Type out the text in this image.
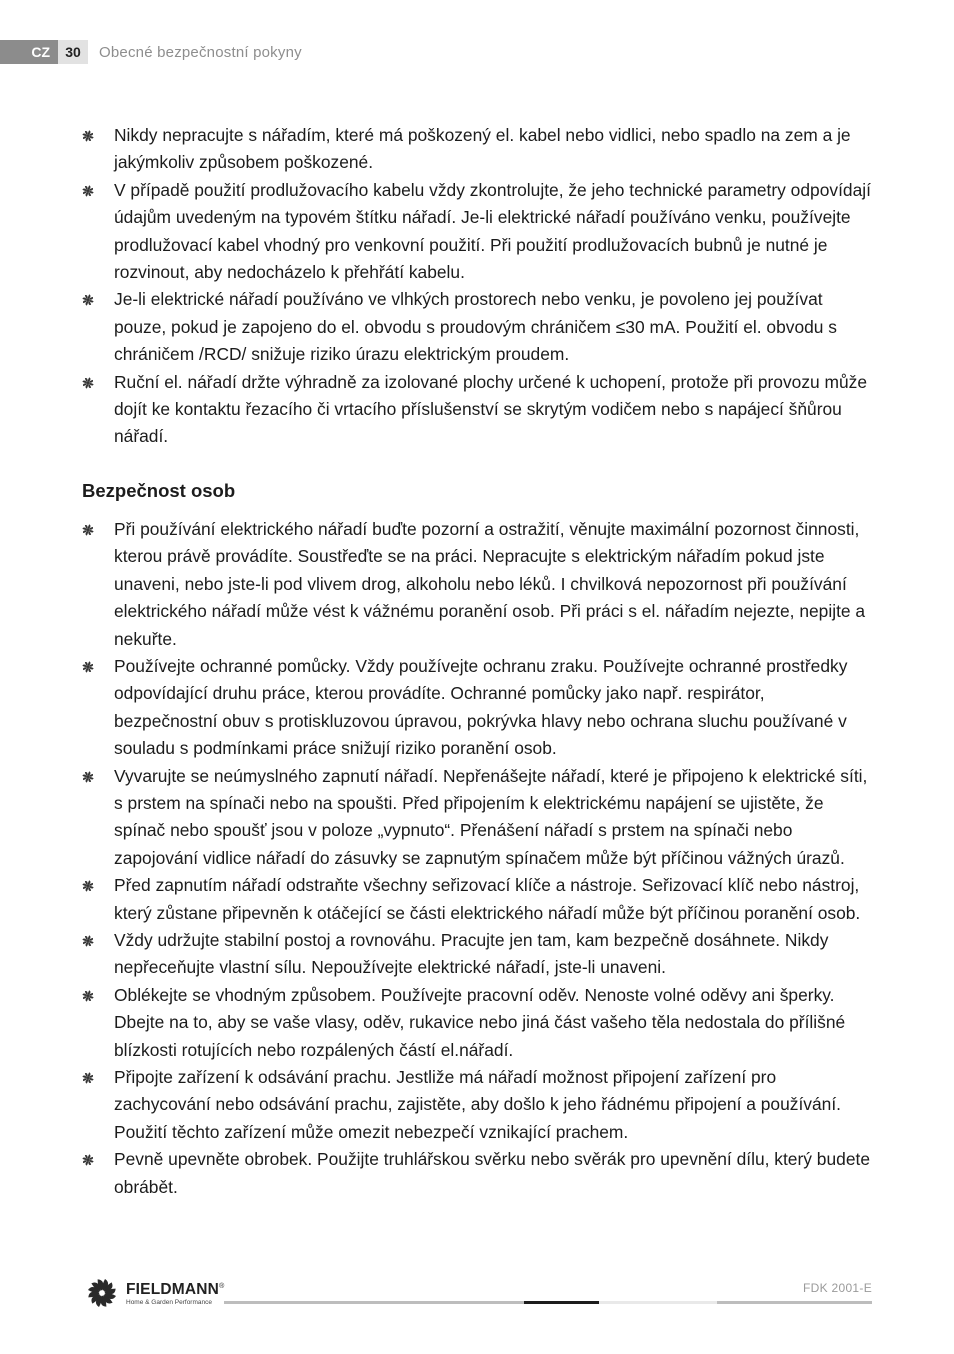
CZ	30	Obecné bezpečnostní pokyny
Nikdy nepracujte s nářadím, které má poškozený el. kabel nebo vidlici, nebo spadlo na zem a je jakýmkoliv způsobem poškozené.
V případě použití prodlužovacího kabelu vždy zkontrolujte, že jeho technické parametry odpovídají údajům uvedeným na typovém štítku nářadí. Je-li elektrické nářadí používáno venku, používejte prodlužovací kabel vhodný pro venkovní použití. Při použití prodlužovacích bubnů je nutné je rozvinout, aby nedocházelo k přehřátí kabelu.
Je-li elektrické nářadí používáno ve vlhkých prostorech nebo venku, je povoleno jej používat pouze, pokud je zapojeno do el. obvodu s proudovým chráničem ≤30 mA. Použití el. obvodu s chráničem /RCD/ snižuje riziko úrazu elektrickým proudem.
Ruční el. nářadí držte výhradně za izolované plochy určené k uchopení, protože při provozu může dojít ke kontaktu řezacího či vrtacího příslušenství se skrytým vodičem nebo s napájecí šňůrou nářadí.
Bezpečnost osob
Při používání elektrického nářadí buďte pozorní a ostražití, věnujte maximální pozornost činnosti, kterou právě provádíte. Soustřeďte se na práci. Nepracujte s elektrickým nářadím pokud jste unaveni, nebo jste-li pod vlivem drog, alkoholu nebo léků. I chvilková nepozornost při používání elektrického nářadí může vést k vážnému poranění osob. Při práci s el. nářadím nejezte, nepijte a nekuřte.
Používejte ochranné pomůcky. Vždy používejte ochranu zraku. Používejte ochranné prostředky odpovídající druhu práce, kterou provádíte. Ochranné pomůcky jako např. respirátor, bezpečnostní obuv s protiskluzovou úpravou, pokrývka hlavy nebo ochrana sluchu používané v souladu s podmínkami práce snižují riziko poranění osob.
Vyvarujte se neúmyslného zapnutí nářadí. Nepřenášejte nářadí, které je připojeno k elektrické síti, s prstem na spínači nebo na spoušti. Před připojením k elektrickému napájení se ujistěte, že spínač nebo spoušť jsou v poloze „vypnuto“. Přenášení nářadí s prstem na spínači nebo zapojování vidlice nářadí do zásuvky se zapnutým spínačem může být příčinou vážných úrazů.
Před zapnutím nářadí odstraňte všechny seřizovací klíče a nástroje. Seřizovací klíč nebo nástroj, který zůstane připevněn k otáčející se části elektrického nářadí může být příčinou poranění osob.
Vždy udržujte stabilní postoj a rovnováhu. Pracujte jen tam, kam bezpečně dosáhnete. Nikdy nepřeceňujte vlastní sílu. Nepoužívejte elektrické nářadí, jste-li unaveni.
Oblékejte se vhodným způsobem. Používejte pracovní oděv. Nenoste volné oděvy ani šperky. Dbejte na to, aby se vaše vlasy, oděv, rukavice nebo jiná část vašeho těla nedostala do přílišné blízkosti rotujících nebo rozpálených částí el.nářadí.
Připojte zařízení k odsávání prachu. Jestliže má nářadí možnost připojení zařízení pro zachycování nebo odsávání prachu, zajistěte, aby došlo k jeho řádnému připojení a používání. Použití těchto zařízení může omezit nebezpečí vznikající prachem.
Pevně upevněte obrobek. Použijte truhlářskou svěrku nebo svěrák pro upevnění dílu, který budete obrábět.
FIELDMANN®
Home & Garden Performance
FDK 2001-E
